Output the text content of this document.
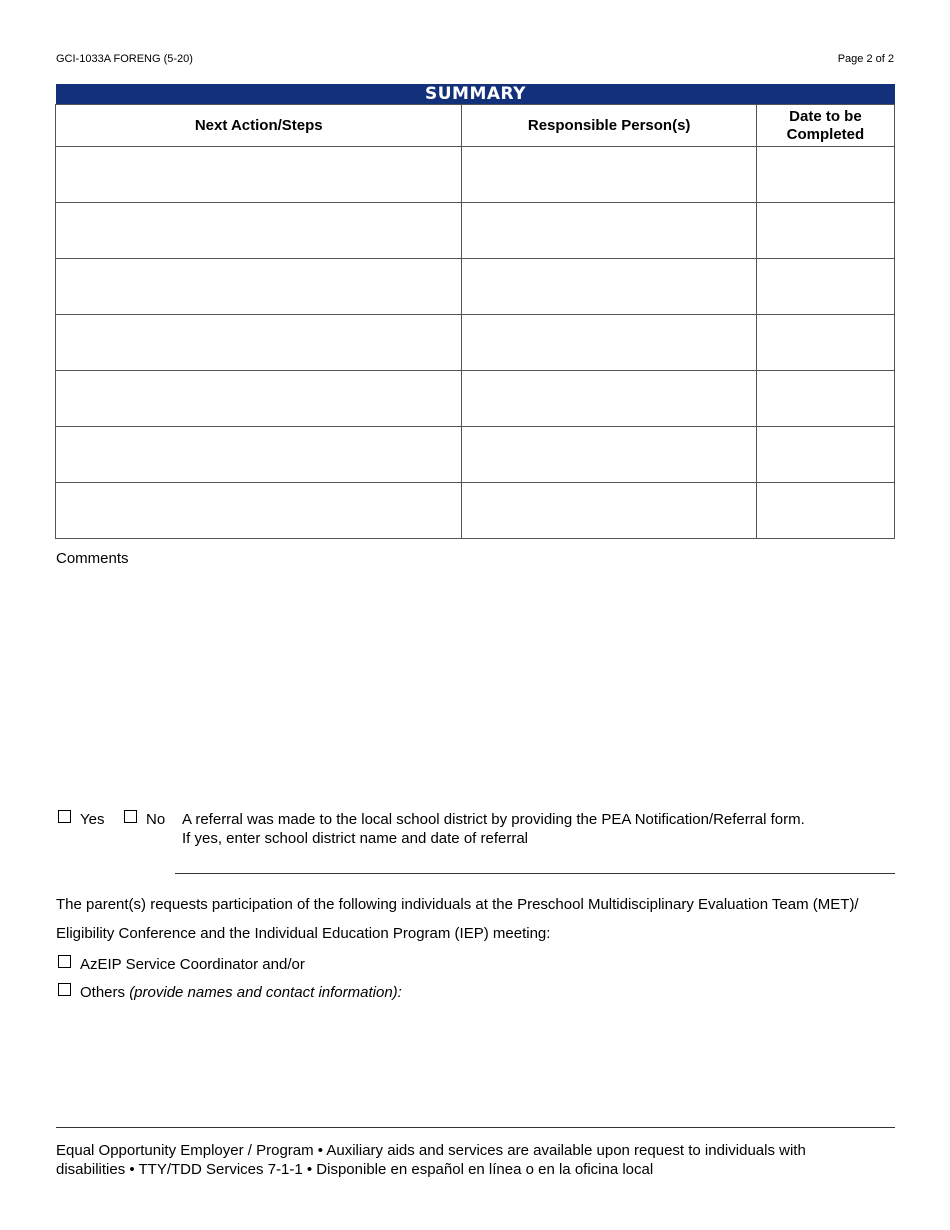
GCI-1033A FORENG (5-20)	Page 2 of 2
SUMMARY
Next Action/Steps	Responsible Person(s)	Date to be
Completed

Comments
Yes	No A referral was made to the local school district by providing the PEA Notification/Referral form.
If yes, enter school district name and date of referral
The parent(s) requests participation of the following individuals at the Preschool Multidisciplinary Evaluation Team (MET)/
Eligibility Conference and the Individual Education Program (IEP) meeting:
AzEIP Service Coordinator and/or
Others (provide names and contact information):
Equal Opportunity Employer / Program • Auxiliary aids and services are available upon request to individuals with
disabilities • TTY/TDD Services 7-1-1 • Disponible en español en línea o en la oficina local
